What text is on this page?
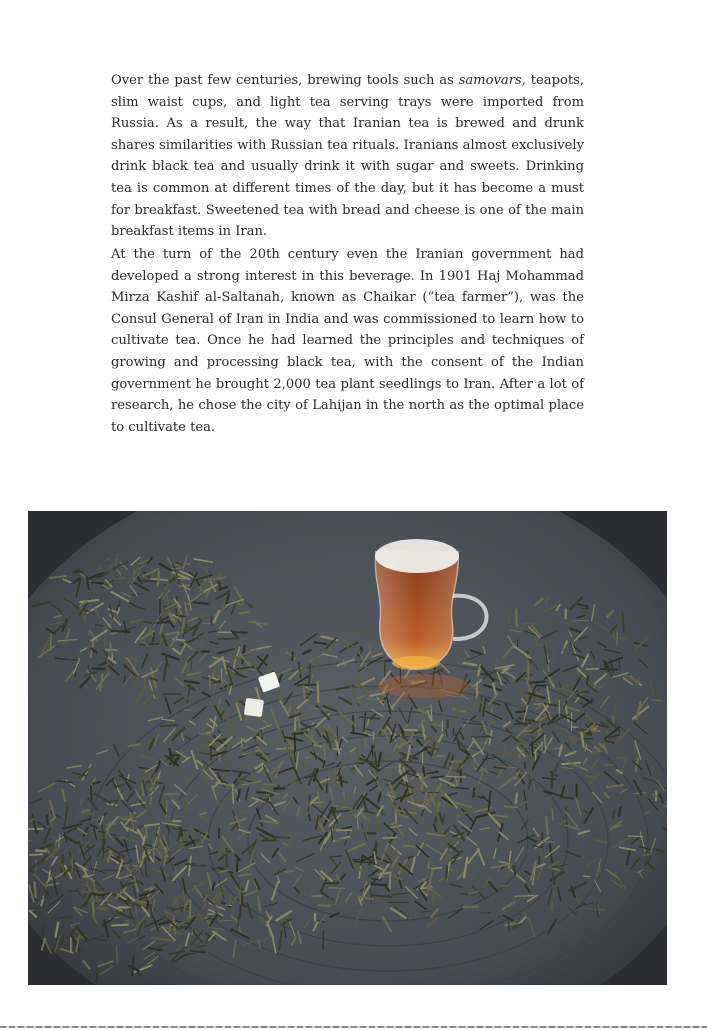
Over the past few centuries, brewing tools such as samovars, teapots, slim waist cups, and light tea serving trays were imported from Russia. As a result, the way that Iranian tea is brewed and drunk shares similarities with Russian tea rituals. Iranians almost exclusively drink black tea and usually drink it with sugar and sweets. Drinking tea is common at different times of the day, but it has become a must for breakfast. Sweetened tea with bread and cheese is one of the main breakfast items in Iran.

At the turn of the 20th century even the Iranian government had developed a strong interest in this beverage. In 1901 Haj Mohammad Mirza Kashif al-Saltanah, known as Chaikar (“tea farmer”), was the Consul General of Iran in India and was commissioned to learn how to cultivate tea. Once he had learned the principles and techniques of growing and processing black tea, with the consent of the Indian government he brought 2,000 tea plant seedlings to Iran. After a lot of research, he chose the city of Lahijan in the north as the optimal place to cultivate tea.
